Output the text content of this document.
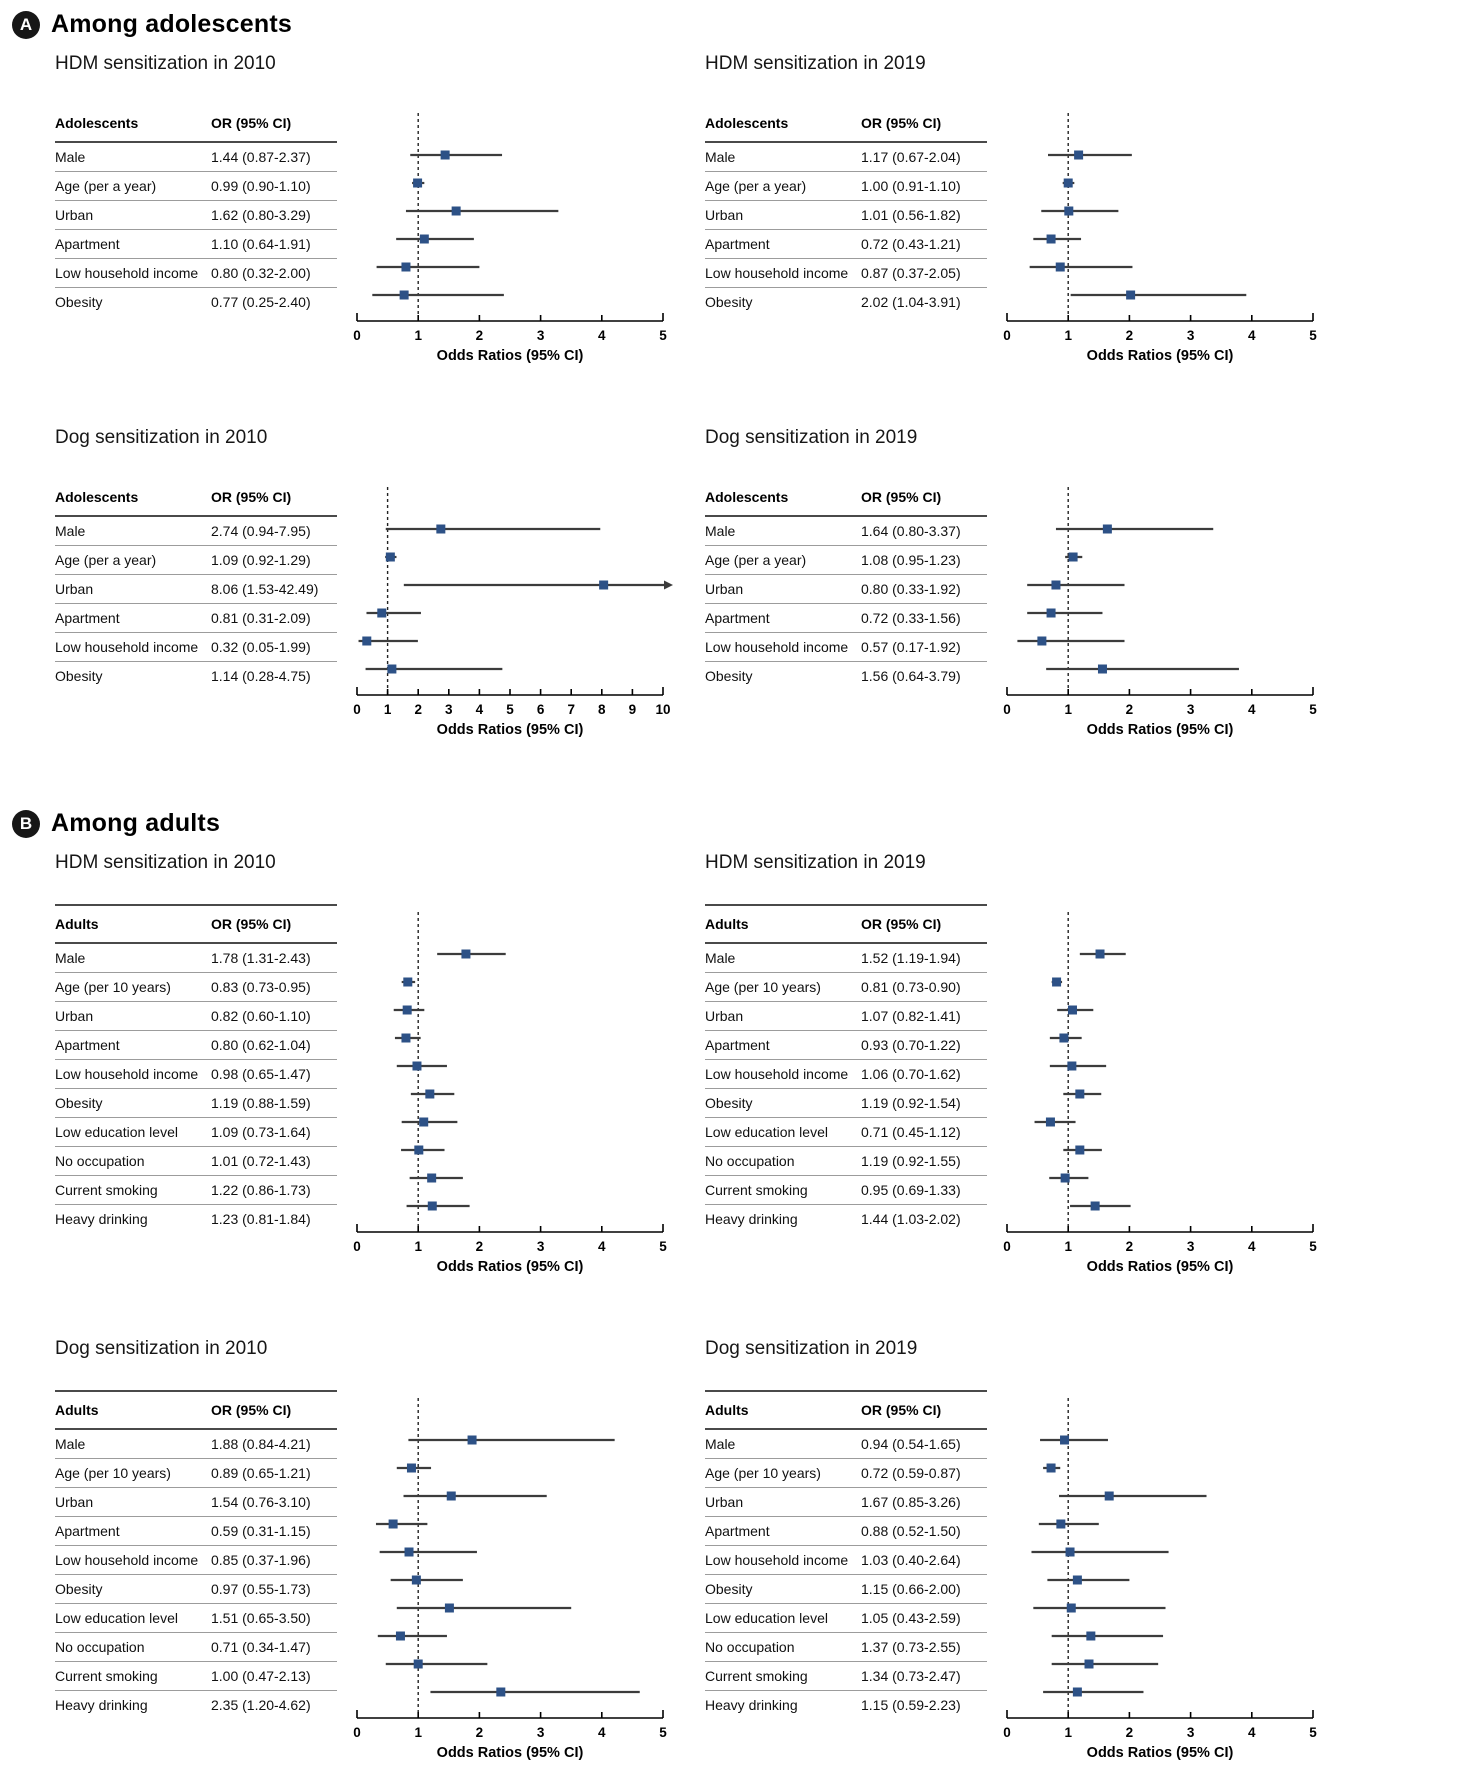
A Among adolescents
HDM sensitization in 2010
Adolescents	OR (95% CI)
Male	1.44 (0.87-2.37)
Age (per a year)	0.99 (0.90-1.10)
Urban	1.62 (0.80-3.29)
Apartment	1.10 (0.64-1.91)
Low household income	0.80 (0.32-2.00)
Obesity	0.77 (0.25-2.40)
0	1	2	3	4	5
Odds Ratios (95% CI)
HDM sensitization in 2019
Adolescents	OR (95% CI)
Male	1.17 (0.67-2.04)
Age (per a year)	1.00 (0.91-1.10)
Urban	1.01 (0.56-1.82)
Apartment	0.72 (0.43-1.21)
Low household income	0.87 (0.37-2.05)
Obesity	2.02 (1.04-3.91)
0	1	2	3	4	5
Odds Ratios (95% CI)
Dog sensitization in 2010
Adolescents	OR (95% CI)
Male	2.74 (0.94-7.95)
Age (per a year)	1.09 (0.92-1.29)
Urban	8.06 (1.53-42.49)
Apartment	0.81 (0.31-2.09)
Low household income	0.32 (0.05-1.99)
Obesity	1.14 (0.28-4.75)
0 1 2 3 4 5 6 7 8 9 10
Odds Ratios (95% CI)
Dog sensitization in 2019
Adolescents	OR (95% CI)
Male	1.64 (0.80-3.37)
Age (per a year)	1.08 (0.95-1.23)
Urban	0.80 (0.33-1.92)
Apartment	0.72 (0.33-1.56)
Low household income	0.57 (0.17-1.92)
Obesity	1.56 (0.64-3.79)
0	1	2	3	4	5
Odds Ratios (95% CI)
B Among adults
HDM sensitization in 2010
Adults	OR (95% CI)
Male	1.78 (1.31-2.43)
Age (per 10 years)	0.83 (0.73-0.95)
Urban	0.82 (0.60-1.10)
Apartment	0.80 (0.62-1.04)
Low household income	0.98 (0.65-1.47)
Obesity	1.19 (0.88-1.59)
Low education level	1.09 (0.73-1.64)
No occupation	1.01 (0.72-1.43)
Current smoking	1.22 (0.86-1.73)
Heavy drinking	1.23 (0.81-1.84)
0	1	2	3	4	5
Odds Ratios (95% CI)
HDM sensitization in 2019
Adults	OR (95% CI)
Male	1.52 (1.19-1.94)
Age (per 10 years)	0.81 (0.73-0.90)
Urban	1.07 (0.82-1.41)
Apartment	0.93 (0.70-1.22)
Low household income	1.06 (0.70-1.62)
Obesity	1.19 (0.92-1.54)
Low education level	0.71 (0.45-1.12)
No occupation	1.19 (0.92-1.55)
Current smoking	0.95 (0.69-1.33)
Heavy drinking	1.44 (1.03-2.02)
0	1	2	3	4	5
Odds Ratios (95% CI)
Dog sensitization in 2010
Adults	OR (95% CI)
Male	1.88 (0.84-4.21)
Age (per 10 years)	0.89 (0.65-1.21)
Urban	1.54 (0.76-3.10)
Apartment	0.59 (0.31-1.15)
Low household income	0.85 (0.37-1.96)
Obesity	0.97 (0.55-1.73)
Low education level	1.51 (0.65-3.50)
No occupation	0.71 (0.34-1.47)
Current smoking	1.00 (0.47-2.13)
Heavy drinking	2.35 (1.20-4.62)
0	1	2	3	4	5
Odds Ratios (95% CI)
Dog sensitization in 2019
Adults	OR (95% CI)
Male	0.94 (0.54-1.65)
Age (per 10 years)	0.72 (0.59-0.87)
Urban	1.67 (0.85-3.26)
Apartment	0.88 (0.52-1.50)
Low household income	1.03 (0.40-2.64)
Obesity	1.15 (0.66-2.00)
Low education level	1.05 (0.43-2.59)
No occupation	1.37 (0.73-2.55)
Current smoking	1.34 (0.73-2.47)
Heavy drinking	1.15 (0.59-2.23)
0	1	2	3	4	5
Odds Ratios (95% CI)
